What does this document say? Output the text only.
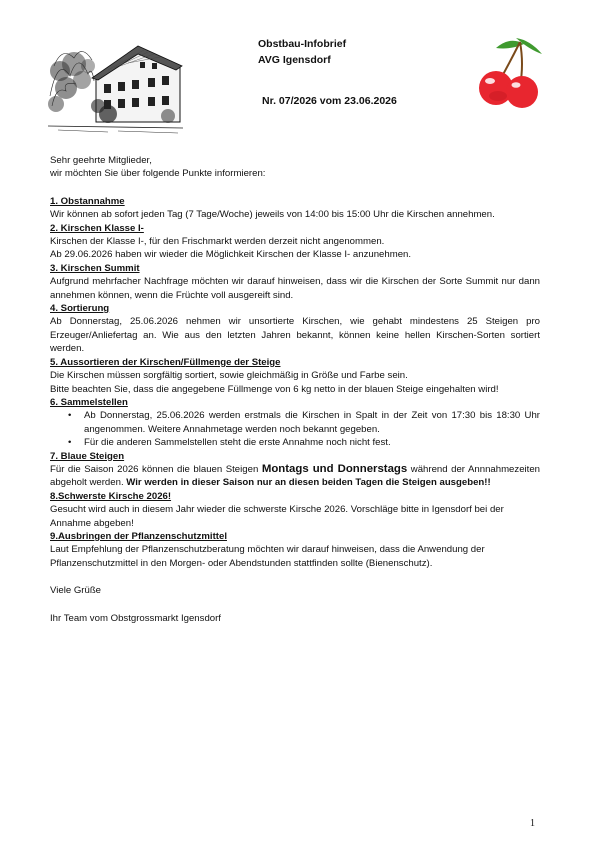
Obstbau-Infobrief
AVG Igensdorf
Nr. 07/2026 vom 23.06.2026

Sehr geehrte Mitglieder,

wir möchten Sie über folgende Punkte informieren:

1. Obstannahme

Wir können ab sofort jeden Tag (7 Tage/Woche) jeweils von 14:00 bis 15:00 Uhr die Kirschen annehmen.

2. Kirschen Klasse I-

Kirschen der Klasse I-, für den Frischmarkt werden derzeit nicht angenommen.

Ab 29.06.2026 haben wir wieder die Möglichkeit Kirschen der Klasse I- anzunehmen.

3. Kirschen Summit

Aufgrund mehrfacher Nachfrage möchten wir darauf hinweisen, dass wir die Kirschen der Sorte Summit nur dann annehmen können, wenn die Früchte voll ausgereift sind.

4. Sortierung

Ab Donnerstag, 25.06.2026 nehmen wir unsortierte Kirschen, wie gehabt mindestens 25 Steigen pro Erzeuger/Anliefertag an. Wie aus den letzten Jahren bekannt, können keine hellen Kirschen-Sorten sortiert werden.

5. Aussortieren der Kirschen/Füllmenge der Steige

Die Kirschen müssen sorgfältig sortiert, sowie gleichmäßig in Größe und Farbe sein.

Bitte beachten Sie, dass die angegebene Füllmenge von 6 kg netto in der blauen Steige eingehalten wird!

6. Sammelstellen

• Ab Donnerstag, 25.06.2026 werden erstmals die Kirschen in Spalt in der Zeit von 17:30 bis 18:30 Uhr angenommen. Weitere Annahmetage werden noch bekannt gegeben.
• Für die anderen Sammelstellen steht die erste Annahme noch nicht fest.

7. Blaue Steigen

Für die Saison 2026 können die blauen Steigen Montags und Donnerstags während der Annnahmezeiten abgeholt werden. Wir werden in dieser Saison nur an diesen beiden Tagen die Steigen ausgeben!!

8.Schwerste Kirsche 2026!

Gesucht wird auch in diesem Jahr wieder die schwerste Kirsche 2026. Vorschläge bitte in Igensdorf bei der Annahme abgeben!

9.Ausbringen der Pflanzenschutzmittel

Laut Empfehlung der Pflanzenschutzberatung möchten wir darauf hinweisen, dass die Anwendung der Pflanzenschutzmittel in den Morgen- oder Abendstunden stattfinden sollte (Bienenschutz).

Viele Grüße

Ihr Team vom Obstgrossmarkt Igensdorf

1
